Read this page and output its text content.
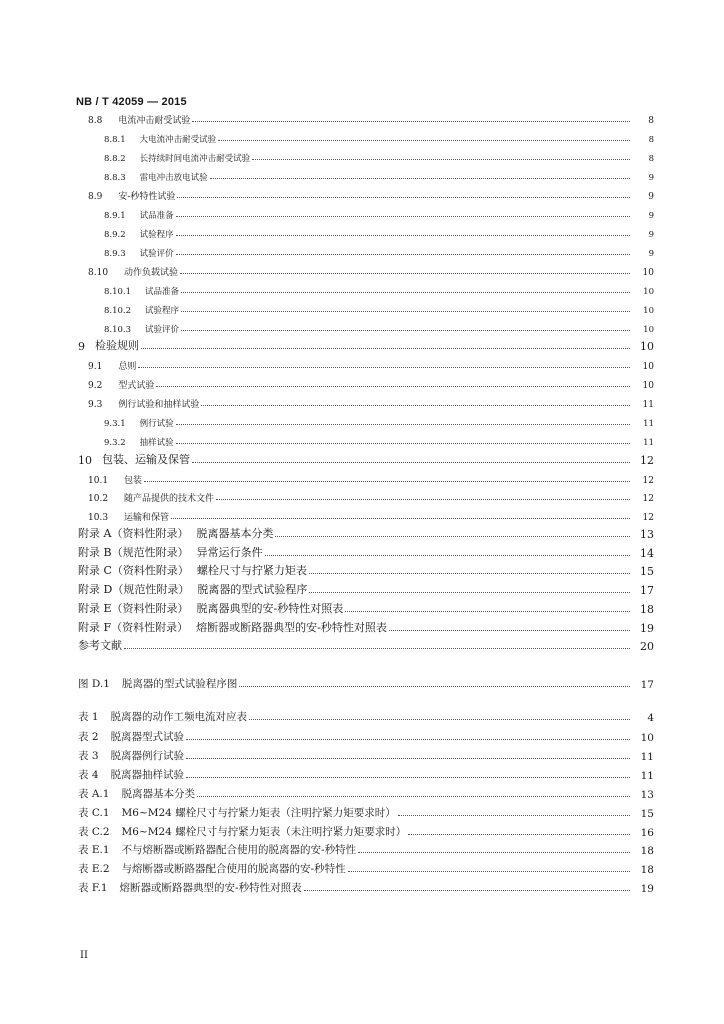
NB / T 42059 — 2015
8.8 电流冲击耐受试验	8
8.8.1 大电流冲击耐受试验	8
8.8.2 长持续时间电流冲击耐受试验	8
8.8.3 雷电冲击放电试验	9
8.9 安-秒特性试验	9
8.9.1 试品准备	9
8.9.2 试验程序	9
8.9.3 试验评价	9
8.10 动作负载试验	10
8.10.1 试品准备	10
8.10.2 试验程序	10
8.10.3 试验评价	10
9 检验规则	10
9.1 总则	10
9.2 型式试验	10
9.3 例行试验和抽样试验	11
9.3.1 例行试验	11
9.3.2 抽样试验	11
10 包装、运输及保管	12
10.1 包装	12
10.2 随产品提供的技术文件	12
10.3 运输和保管	12
附录 A（资料性附录） 脱离器基本分类	13
附录 B（规范性附录） 异常运行条件	14
附录 C（资料性附录） 螺栓尺寸与拧紧力矩表	15
附录 D（规范性附录） 脱离器的型式试验程序	17
附录 E（资料性附录） 脱离器典型的安-秒特性对照表	18
附录 F（资料性附录） 熔断器或断路器典型的安-秒特性对照表	19
参考文献	20
图 D.1 脱离器的型式试验程序图	17
表 1 脱离器的动作工频电流对应表	4
表 2 脱离器型式试验	10
表 3 脱离器例行试验	11
表 4 脱离器抽样试验	11
表 A.1 脱离器基本分类	13
表 C.1 M6~M24 螺栓尺寸与拧紧力矩表（注明拧紧力矩要求时）	15
表 C.2 M6~M24 螺栓尺寸与拧紧力矩表（未注明拧紧力矩要求时）	16
表 E.1 不与熔断器或断路器配合使用的脱离器的安-秒特性	18
表 E.2 与熔断器或断路器配合使用的脱离器的安-秒特性	18
表 F.1 熔断器或断路器典型的安-秒特性对照表	19
II
